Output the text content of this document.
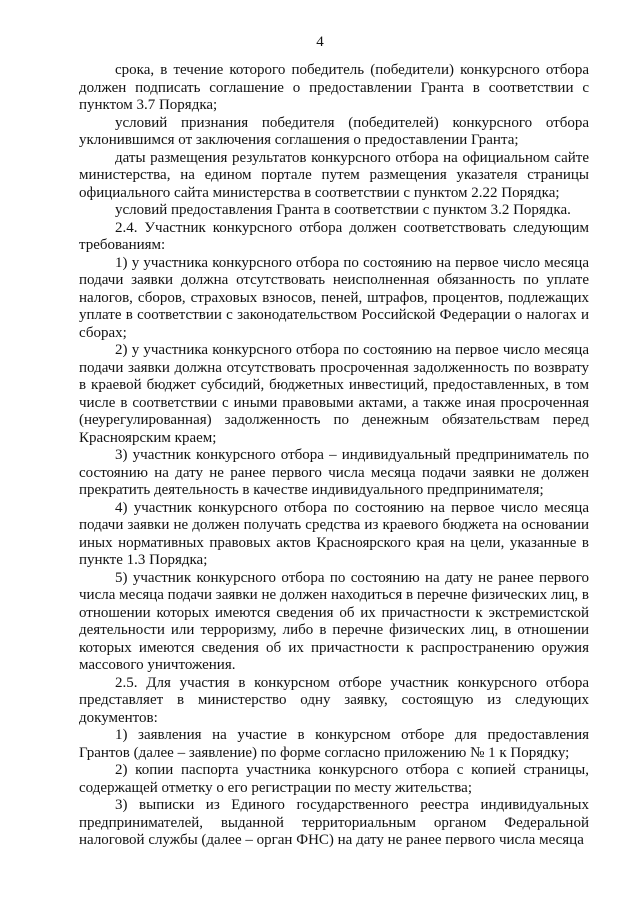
4

срока, в течение которого победитель (победители) конкурсного отбора должен подписать соглашение о предоставлении Гранта в соответствии с пунктом 3.7 Порядка;

условий признания победителя (победителей) конкурсного отбора уклонившимся от заключения соглашения о предоставлении Гранта;

даты размещения результатов конкурсного отбора на официальном сайте министерства, на едином портале путем размещения указателя страницы официального сайта министерства в соответствии с пунктом 2.22 Порядка;

условий предоставления Гранта в соответствии с пунктом 3.2 Порядка.

2.4. Участник конкурсного отбора должен соответствовать следующим требованиям:

1) у участника конкурсного отбора по состоянию на первое число месяца подачи заявки должна отсутствовать неисполненная обязанность по уплате налогов, сборов, страховых взносов, пеней, штрафов, процентов, подлежащих уплате в соответствии с законодательством Российской Федерации о налогах и сборах;

2) у участника конкурсного отбора по состоянию на первое число месяца подачи заявки должна отсутствовать просроченная задолженность по возврату в краевой бюджет субсидий, бюджетных инвестиций, предоставленных, в том числе в соответствии с иными правовыми актами, а также иная просроченная (неурегулированная) задолженность по денежным обязательствам перед Красноярским краем;

3) участник конкурсного отбора – индивидуальный предприниматель по состоянию на дату не ранее первого числа месяца подачи заявки не должен прекратить деятельность в качестве индивидуального предпринимателя;

4) участник конкурсного отбора по состоянию на первое число месяца подачи заявки не должен получать средства из краевого бюджета на основании иных нормативных правовых актов Красноярского края на цели, указанные в пункте 1.3 Порядка;

5) участник конкурсного отбора по состоянию на дату не ранее первого числа месяца подачи заявки не должен находиться в перечне физических лиц, в отношении которых имеются сведения об их причастности к экстремистской деятельности или терроризму, либо в перечне физических лиц, в отношении которых имеются сведения об их причастности к распространению оружия массового уничтожения.

2.5. Для участия в конкурсном отборе участник конкурсного отбора представляет в министерство одну заявку, состоящую из следующих документов:

1) заявления на участие в конкурсном отборе для предоставления Грантов (далее – заявление) по форме согласно приложению № 1 к Порядку;

2) копии паспорта участника конкурсного отбора с копией страницы, содержащей отметку о его регистрации по месту жительства;

3) выписки из Единого государственного реестра индивидуальных предпринимателей, выданной территориальным органом Федеральной налоговой службы (далее – орган ФНС) на дату не ранее первого числа месяца
